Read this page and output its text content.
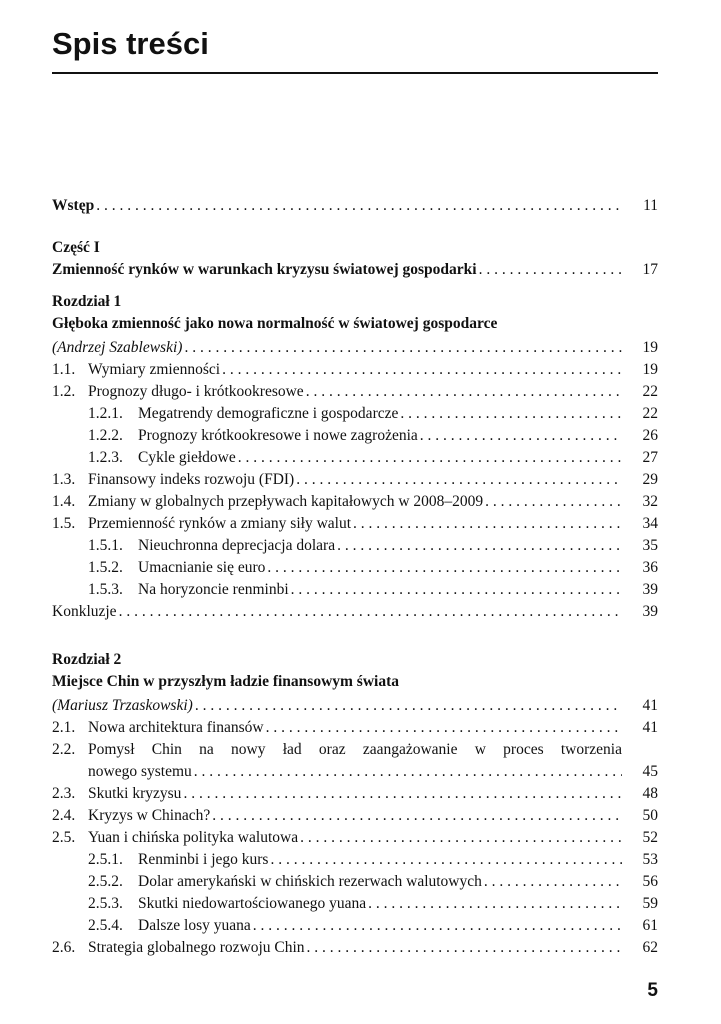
Spis treści
Wstęp . . .	11
Część I
Zmienność rynków w warunkach kryzysu światowej gospodarki . . .	17
Rozdział 1
Głęboka zmienność jako nowa normalność w światowej gospodarce
(Andrzej Szablewski) . . .	19
1.1. Wymiary zmienności . . .	19
1.2. Prognozy długo- i krótkookresowe . . .	22
1.2.1. Megatrendy demograficzne i gospodarcze . . .	22
1.2.2. Prognozy krótkookresowe i nowe zagrożenia . . .	26
1.2.3. Cykle giełdowe . . .	27
1.3. Finansowy indeks rozwoju (FDI) . . .	29
1.4. Zmiany w globalnych przepływach kapitałowych w 2008–2009 . . .	32
1.5. Przemienność rynków a zmiany siły walut . . .	34
1.5.1. Nieuchronna deprecjacja dolara . . .	35
1.5.2. Umacnianie się euro . . .	36
1.5.3. Na horyzoncie renminbi . . .	39
Konkluzje . . .	39
Rozdział 2
Miejsce Chin w przyszłym ładzie finansowym świata
(Mariusz Trzaskowski) . . .	41
2.1. Nowa architektura finansów . . .	41
2.2. Pomysł Chin na nowy ład oraz zaangażowanie w proces tworzenia
nowego systemu . . .	45
2.3. Skutki kryzysu . . .	48
2.4. Kryzys w Chinach? . . .	50
2.5. Yuan i chińska polityka walutowa . . .	52
2.5.1. Renminbi i jego kurs . . .	53
2.5.2. Dolar amerykański w chińskich rezerwach walutowych . . .	56
2.5.3. Skutki niedowartościowanego yuana . . .	59
2.5.4. Dalsze losy yuana . . .	61
2.6. Strategia globalnego rozwoju Chin . . .	62
5
